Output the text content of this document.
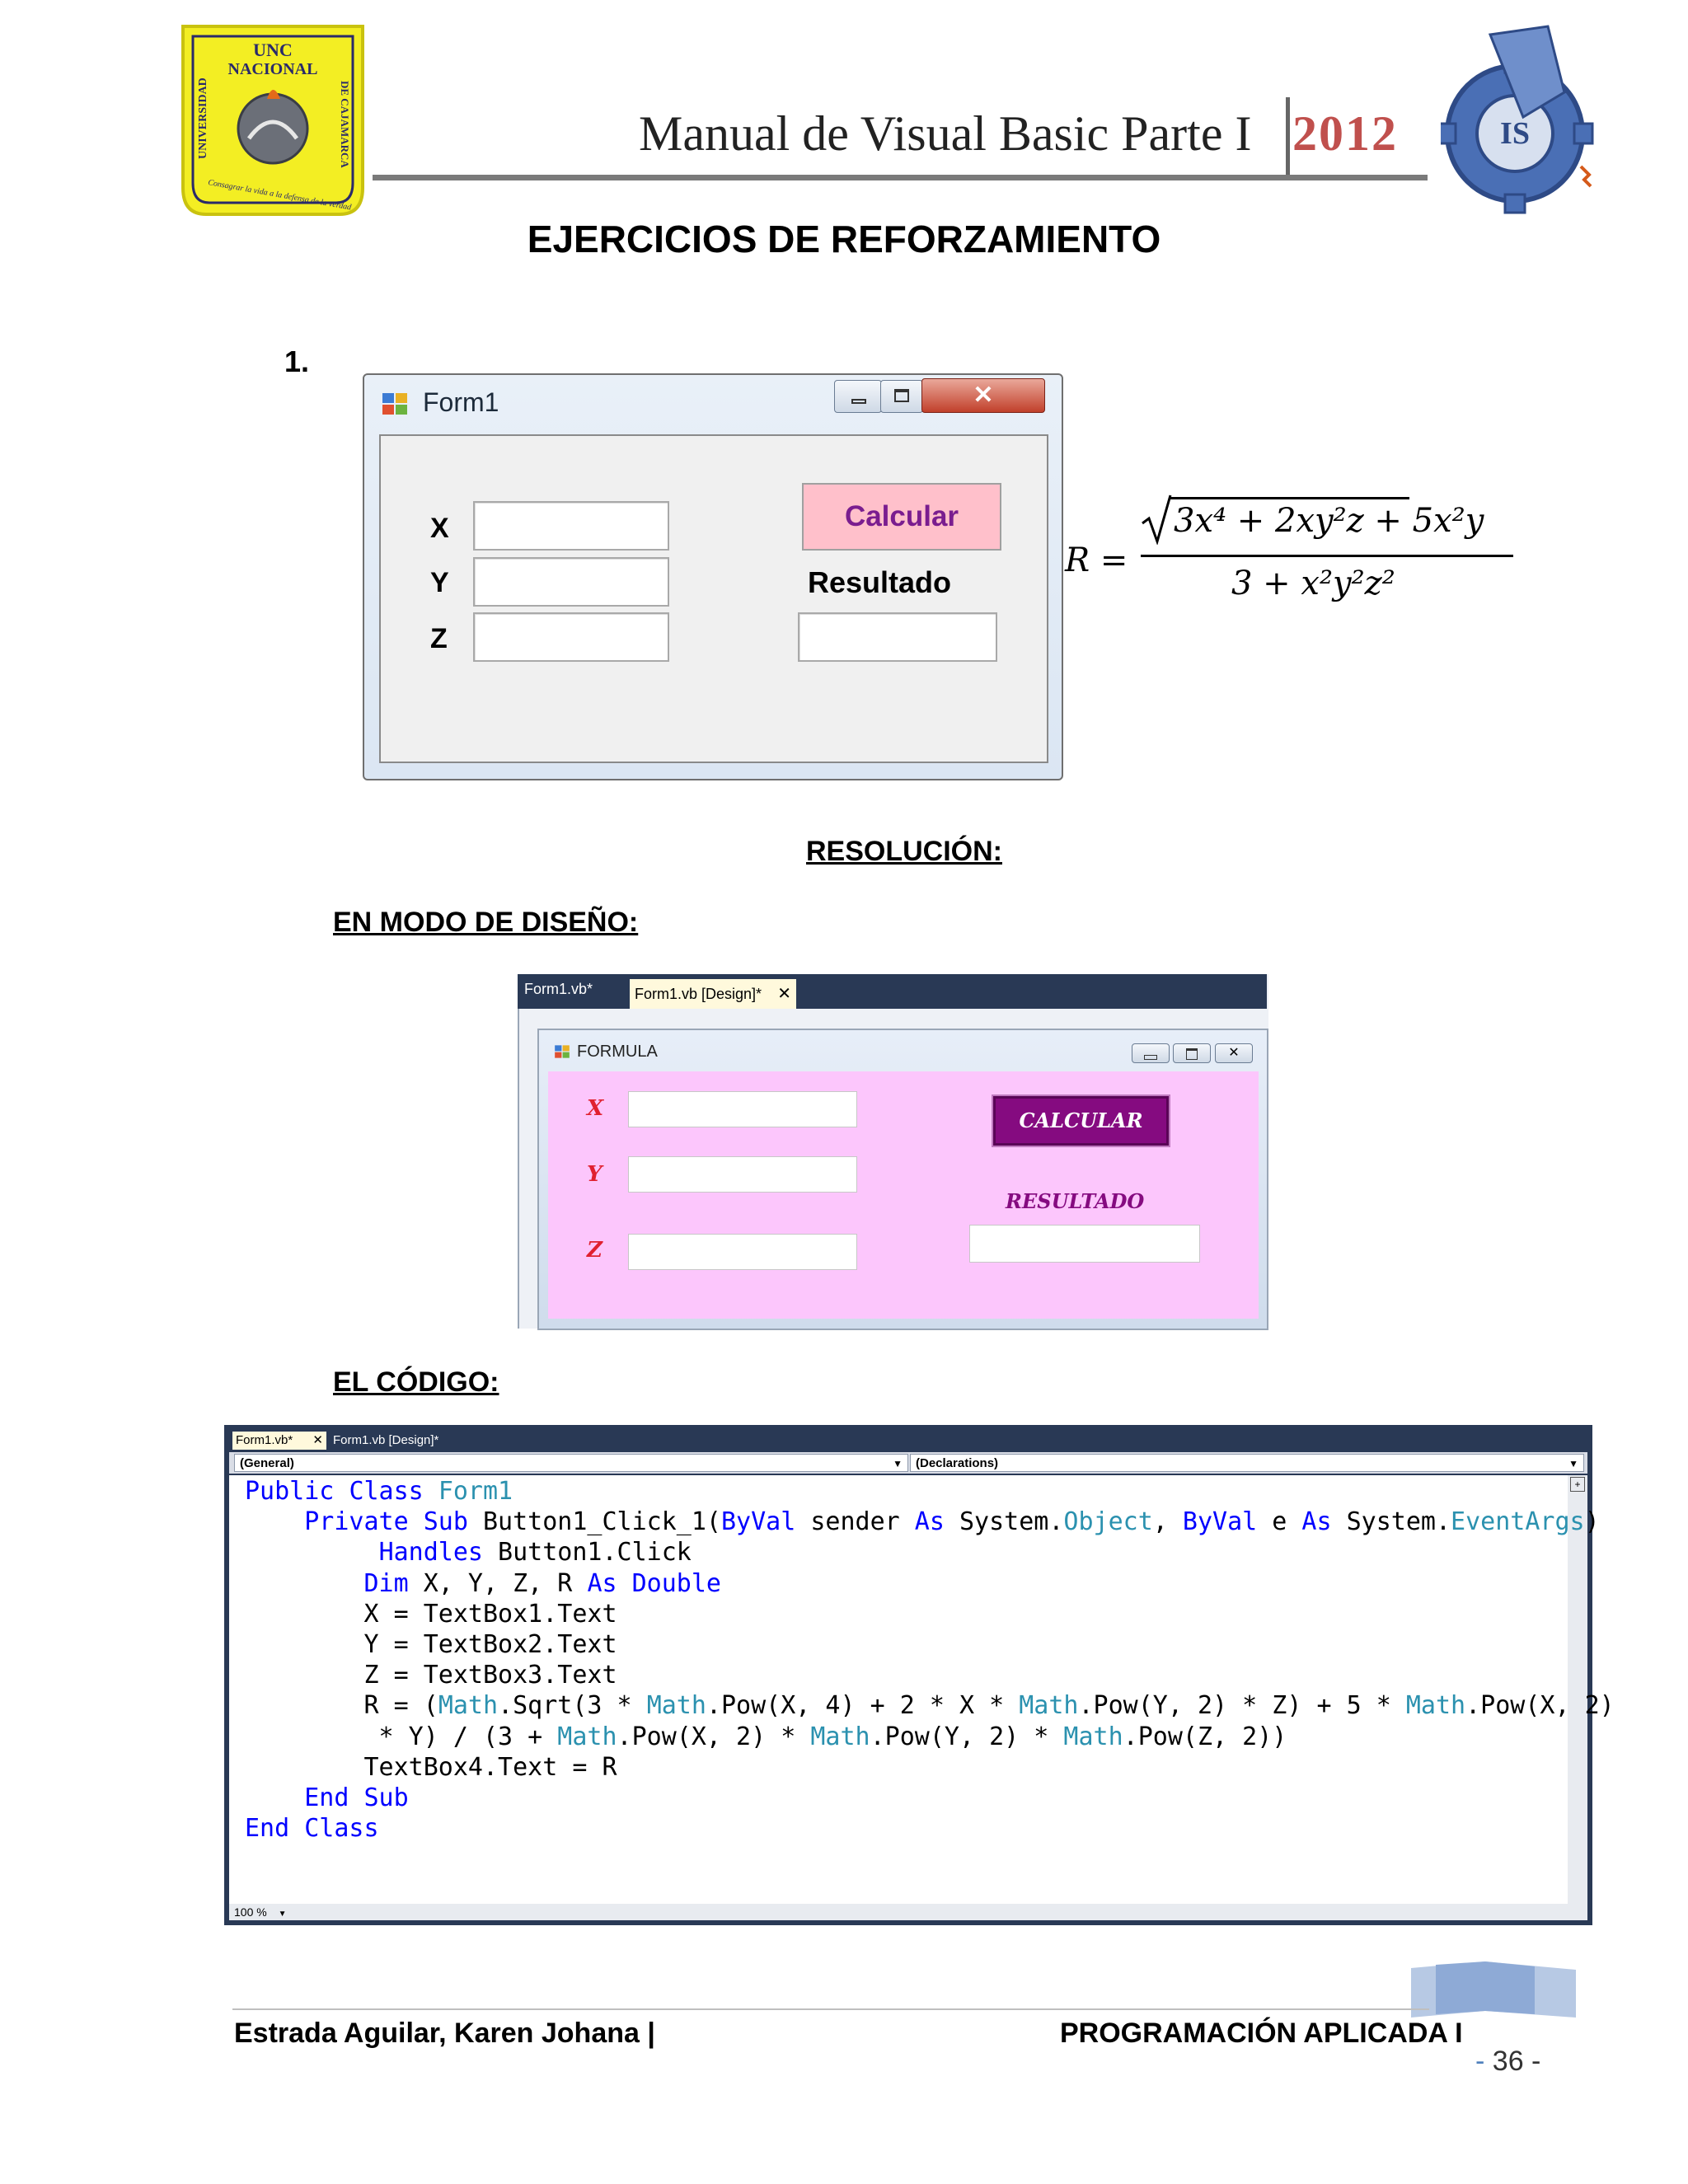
UNC
NACIONAL
UNIVERSIDAD	DE CAJAMARCA
Consagrar la vida a la defensa de la verdad
Manual de Visual Basic Parte I 2012	IS
EJERCICIOS DE REFORZAMIENTO
1.
Form1	✕
X
Y
Z
Calcular
Resultado
R =
3x⁴ + 2xy²z + 5x²y
3 + x²y²z²
RESOLUCIÓN:
EN MODO DE DISEÑO:
Form1.vb*	Form1.vb [Design]* ✕
FORMULA	✕
X
Y
Z
CALCULAR
RESULTADO
EL CÓDIGO:
Form1.vb* ✕ Form1.vb [Design]*
(General)	▼	(Declarations)	▼
+
100 % ▼
Public Class Form1
Private Sub Button1_Click_1(ByVal sender As System.Object, ByVal e As System.EventArgs)
Handles Button1.Click
Dim X, Y, Z, R As Double
X = TextBox1.Text
Y = TextBox2.Text
Z = TextBox3.Text
R = (Math.Sqrt(3 * Math.Pow(X, 4) + 2 * X * Math.Pow(Y, 2) * Z) + 5 * Math.Pow(X, 2)
* Y) / (3 + Math.Pow(X, 2) * Math.Pow(Y, 2) * Math.Pow(Z, 2))
TextBox4.Text = R
End Sub
End Class
Estrada Aguilar, Karen Johana |	PROGRAMACIÓN APLICADA I
- 36 -
